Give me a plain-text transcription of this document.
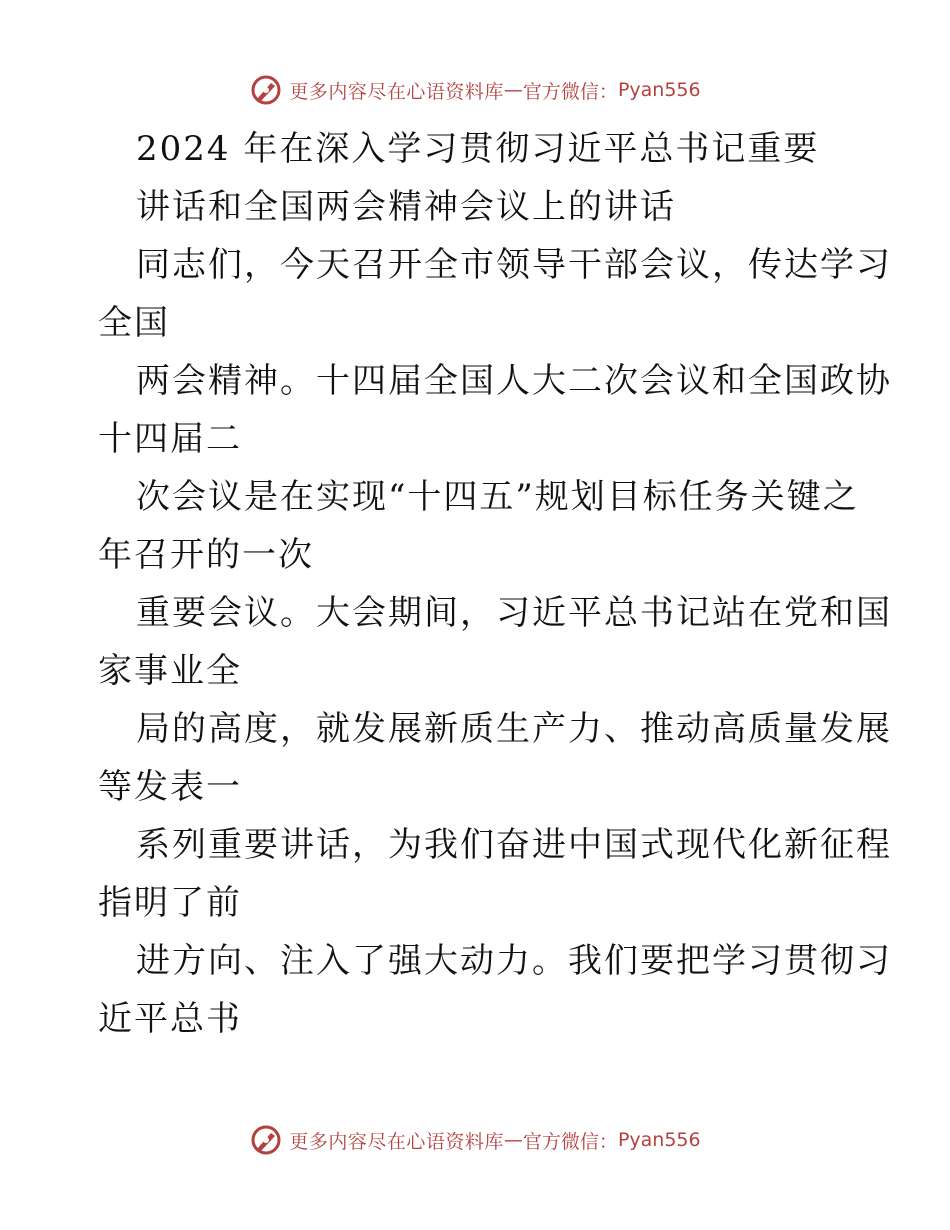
更多内容尽在心语资料库 — 官方微信： Pyan556
2024 年在深入学习贯彻习近平总书记重要
讲话和全国两会精神会议上的讲话
同志们，今天召开全市领导干部会议，传达学习
全国
两会精神。十四届全国人大二次会议和全国政协
十四届二
次会议是在实现“十四五”规划目标任务关键之
年召开的一次
重要会议。大会期间，习近平总书记站在党和国
家事业全
局的高度，就发展新质生产力、推动高质量发展
等发表一
系列重要讲话，为我们奋进中国式现代化新征程
指明了前
进方向、注入了强大动力。我们要把学习贯彻习
近平总书
更多内容尽在心语资料库 — 官方微信： Pyan556
